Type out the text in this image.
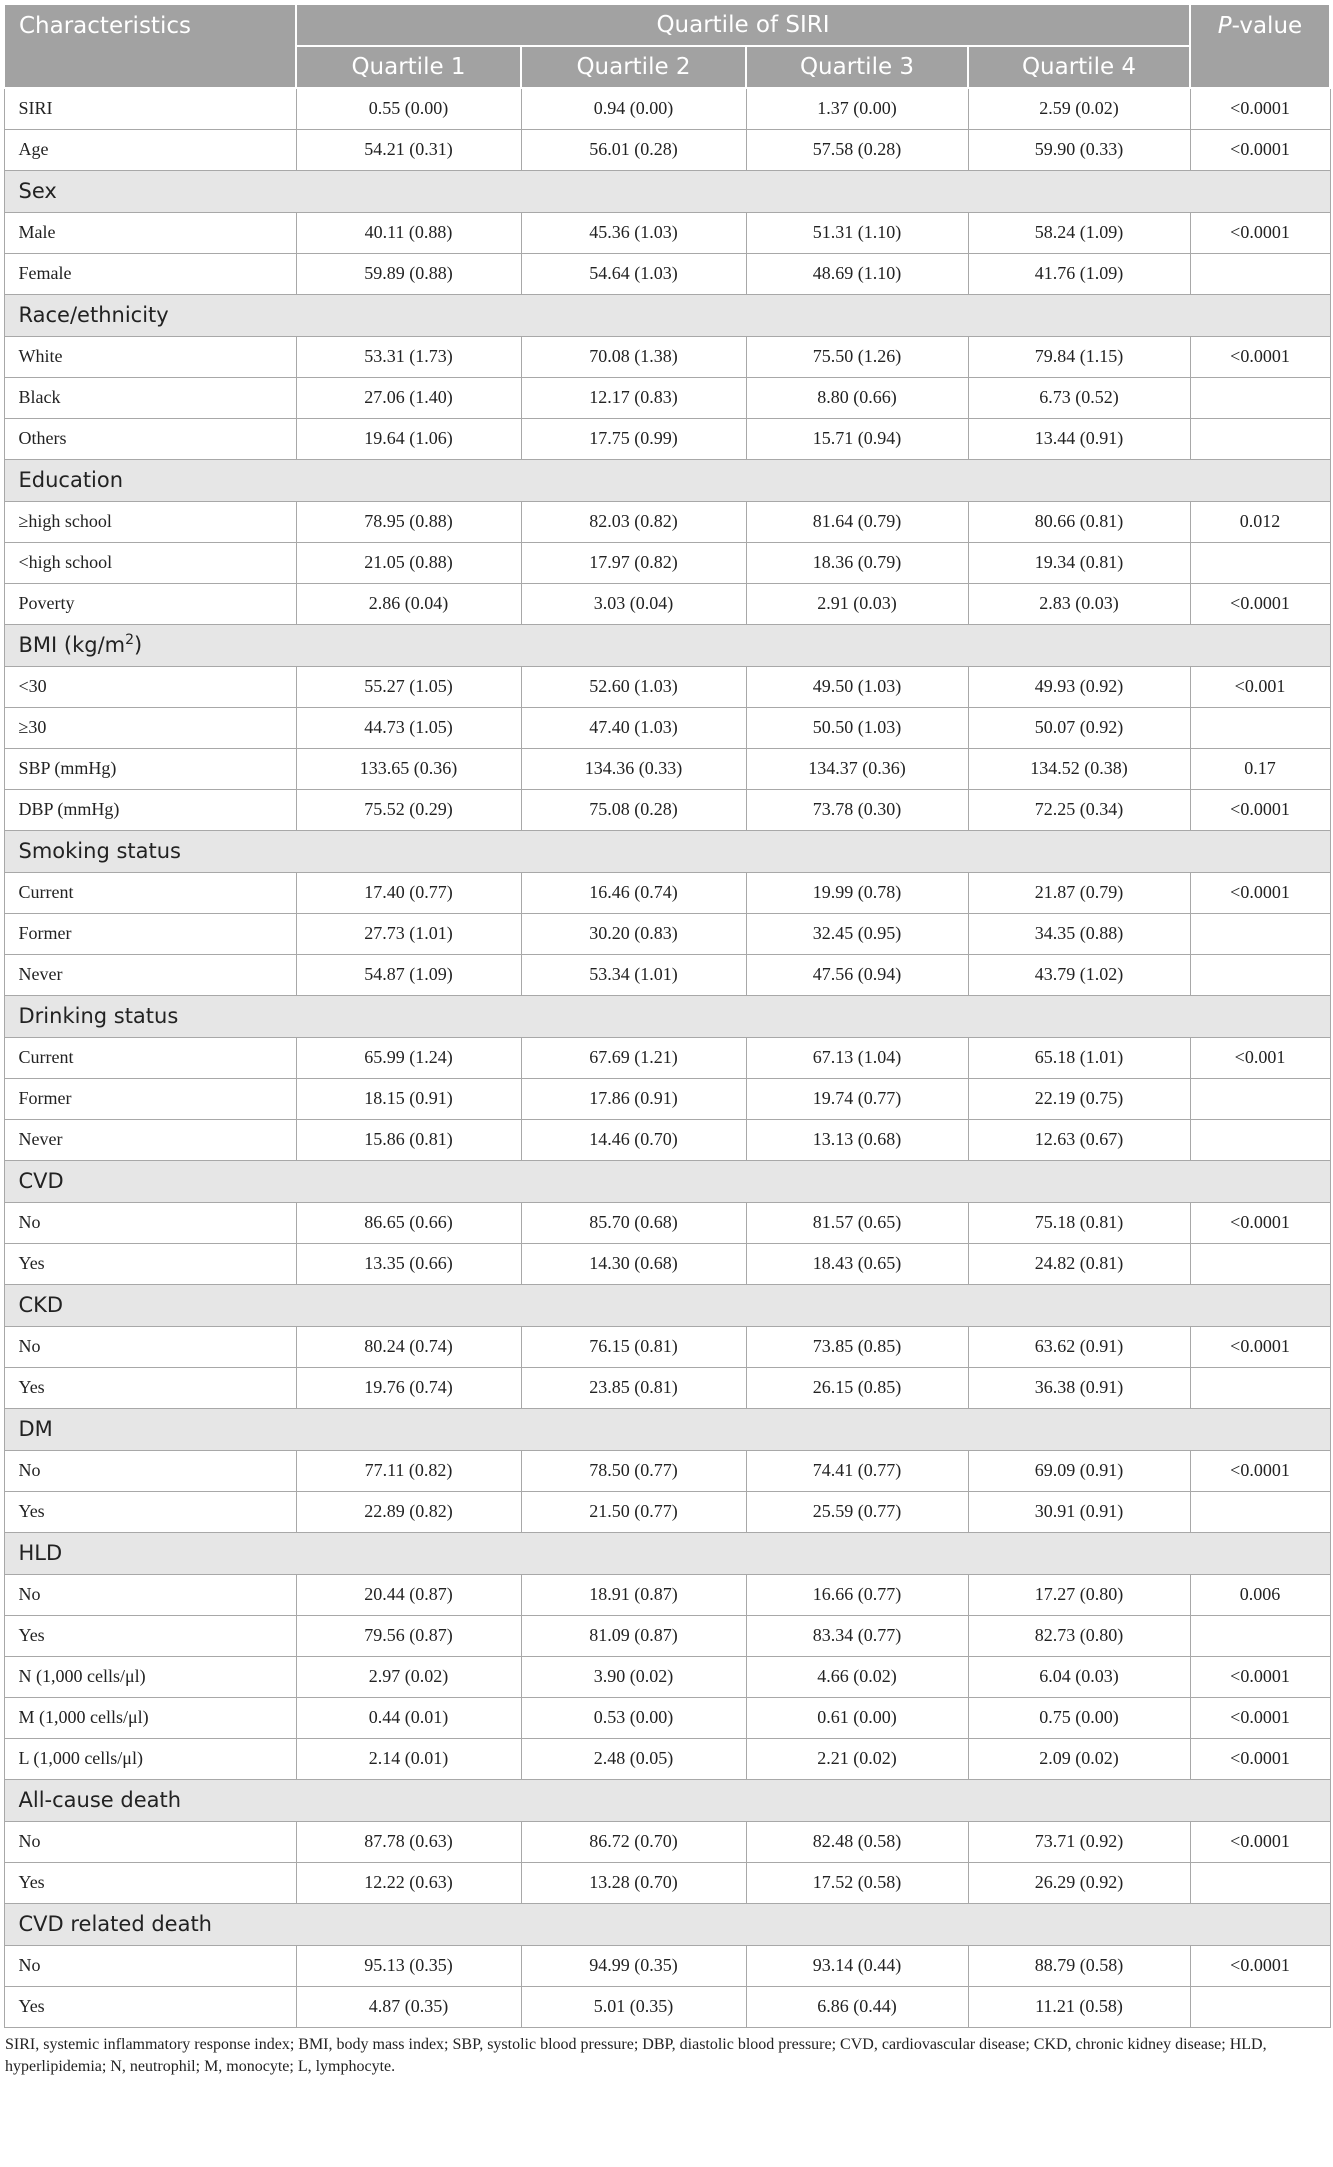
Characteristics	Quartile of SIRI				P-value
	Quartile 1	Quartile 2	Quartile 3	Quartile 4	
SIRI	0.55 (0.00)	0.94 (0.00)	1.37 (0.00)	2.59 (0.02)	<0.0001
Age	54.21 (0.31)	56.01 (0.28)	57.58 (0.28)	59.90 (0.33)	<0.0001
Sex					
Male	40.11 (0.88)	45.36 (1.03)	51.31 (1.10)	58.24 (1.09)	<0.0001
Female	59.89 (0.88)	54.64 (1.03)	48.69 (1.10)	41.76 (1.09)	
Race/ethnicity					
White	53.31 (1.73)	70.08 (1.38)	75.50 (1.26)	79.84 (1.15)	<0.0001
Black	27.06 (1.40)	12.17 (0.83)	8.80 (0.66)	6.73 (0.52)	
Others	19.64 (1.06)	17.75 (0.99)	15.71 (0.94)	13.44 (0.91)	
Education					
≥high school	78.95 (0.88)	82.03 (0.82)	81.64 (0.79)	80.66 (0.81)	0.012
<high school	21.05 (0.88)	17.97 (0.82)	18.36 (0.79)	19.34 (0.81)	
Poverty	2.86 (0.04)	3.03 (0.04)	2.91 (0.03)	2.83 (0.03)	<0.0001
BMI $(kg/m^2)$					
<30	55.27 (1.05)	52.60 (1.03)	49.50 (1.03)	49.93 (0.92)	<0.001
≥30	44.73 (1.05)	47.40 (1.03)	50.50 (1.03)	50.07 (0.92)	
SBP (mmHg)	133.65 (0.36)	134.36 (0.33)	134.37 (0.36)	134.52 (0.38)	0.17
DBP (mmHg)	75.52 (0.29)	75.08 (0.28)	73.78 (0.30)	72.25 (0.34)	<0.0001
Smoking status					
Current	17.40 (0.77)	16.46 (0.74)	19.99 (0.78)	21.87 (0.79)	<0.0001
Former	27.73 (1.01)	30.20 (0.83)	32.45 (0.95)	34.35 (0.88)	
Never	54.87 (1.09)	53.34 (1.01)	47.56 (0.94)	43.79 (1.02)	
Drinking status					
Current	65.99 (1.24)	67.69 (1.21)	67.13 (1.04)	65.18 (1.01)	<0.001
Former	18.15 (0.91)	17.86 (0.91)	19.74 (0.77)	22.19 (0.75)	
Never	15.86 (0.81)	14.46 (0.70)	13.13 (0.68)	12.63 (0.67)	
CVD					
No	86.65 (0.66)	85.70 (0.68)	81.57 (0.65)	75.18 (0.81)	<0.0001
Yes	13.35 (0.66)	14.30 (0.68)	18.43 (0.65)	24.82 (0.81)	
CKD					
No	80.24 (0.74)	76.15 (0.81)	73.85 (0.85)	63.62 (0.91)	<0.0001
Yes	19.76 (0.74)	23.85 (0.81)	26.15 (0.85)	36.38 (0.91)	
DM					
No	77.11 (0.82)	78.50 (0.77)	74.41 (0.77)	69.09 (0.91)	<0.0001
Yes	22.89 (0.82)	21.50 (0.77)	25.59 (0.77)	30.91 (0.91)	
HLD					
No	20.44 (0.87)	18.91 (0.87)	16.66 (0.77)	17.27 (0.80)	0.006
Yes	79.56 (0.87)	81.09 (0.87)	83.34 (0.77)	82.73 (0.80)	
N (1,000 cells/μl)	2.97 (0.02)	3.90 (0.02)	4.66 (0.02)	6.04 (0.03)	<0.0001
M (1,000 cells/μl)	0.44 (0.01)	0.53 (0.00)	0.61 (0.00)	0.75 (0.00)	<0.0001
L (1,000 cells/μl)	2.14 (0.01)	2.48 (0.05)	2.21 (0.02)	2.09 (0.02)	<0.0001
All-cause death					
No	87.78 (0.63)	86.72 (0.70)	82.48 (0.58)	73.71 (0.92)	<0.0001
Yes	12.22 (0.63)	13.28 (0.70)	17.52 (0.58)	26.29 (0.92)	
CVD related death					
No	95.13 (0.35)	94.99 (0.35)	93.14 (0.44)	88.79 (0.58)	<0.0001
Yes	4.87 (0.35)	5.01 (0.35)	6.86 (0.44)	11.21 (0.58)	
SIRI, systemic inflammatory response index; BMI, body mass index; SBP, systolic blood pressure; DBP, diastolic blood pressure; CVD, cardiovascular disease; CKD, chronic kidney disease; HLD, hyperlipidemia; N, neutrophil; M, monocyte; L, lymphocyte.
